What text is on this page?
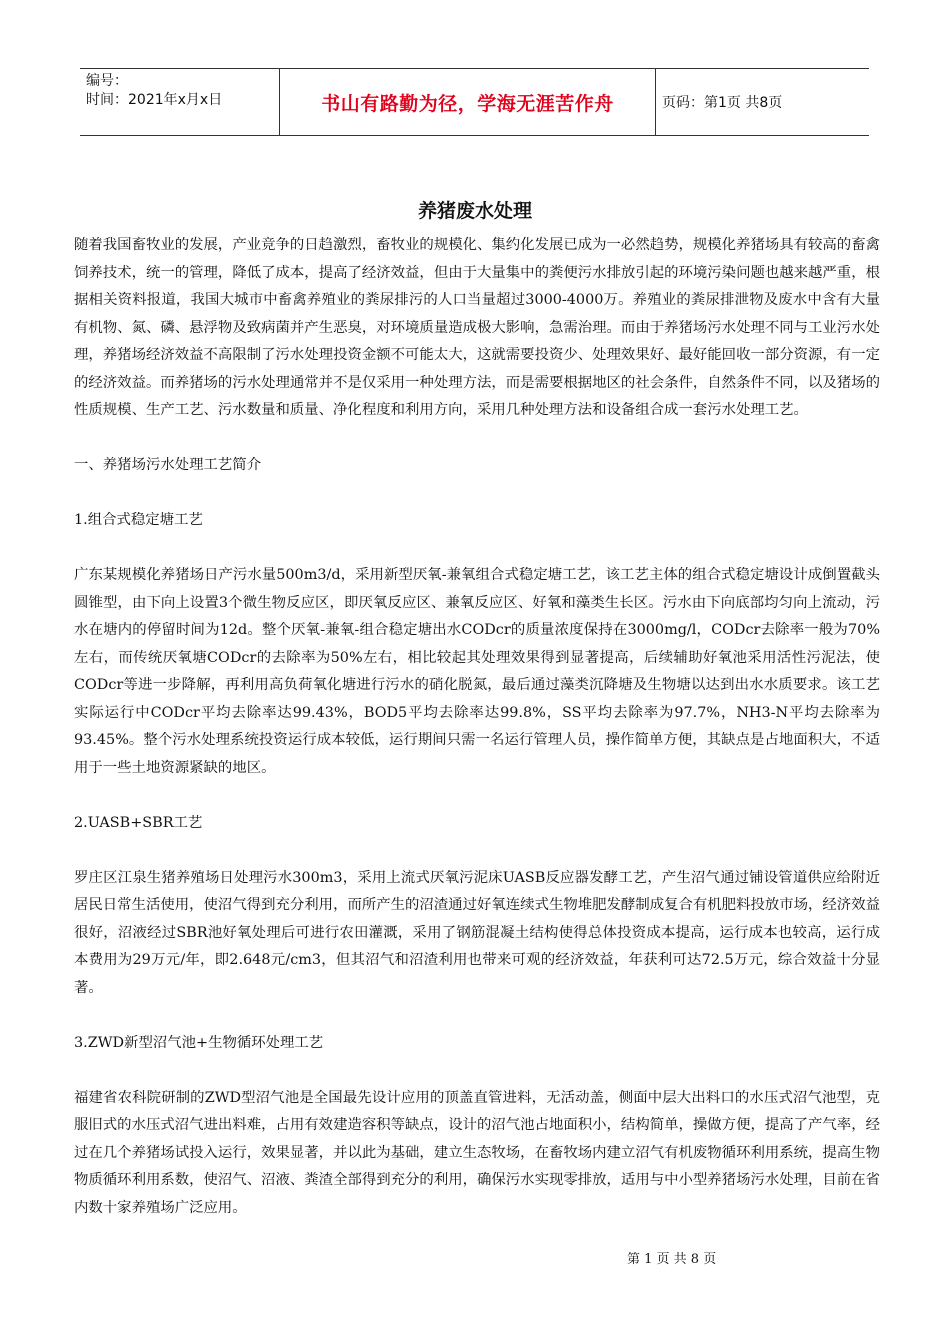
编号：
时间：2021年x月x日	书山有路勤为径，学海无涯苦作舟	页码：第1页 共8页
养猪废水处理

随着我国畜牧业的发展，产业竞争的日趋激烈，畜牧业的规模化、集约化发展已成为一必然趋势，规模化养猪场具有较高的畜禽饲养技术，统一的管理，降低了成本，提高了经济效益，但由于大量集中的粪便污水排放引起的环境污染问题也越来越严重，根据相关资料报道，我国大城市中畜禽养殖业的粪尿排污的人口当量超过3000-4000万。养殖业的粪尿排泄物及废水中含有大量有机物、氮、磷、悬浮物及致病菌并产生恶臭，对环境质量造成极大影响，急需治理。而由于养猪场污水处理不同与工业污水处理，养猪场经济效益不高限制了污水处理投资金额不可能太大，这就需要投资少、处理效果好、最好能回收一部分资源，有一定的经济效益。而养猪场的污水处理通常并不是仅采用一种处理方法，而是需要根据地区的社会条件，自然条件不同，以及猪场的性质规模、生产工艺、污水数量和质量、净化程度和利用方向，采用几种处理方法和设备组合成一套污水处理工艺。

一、养猪场污水处理工艺简介

1.组合式稳定塘工艺

广东某规模化养猪场日产污水量500m3/d，采用新型厌氧-兼氧组合式稳定塘工艺，该工艺主体的组合式稳定塘设计成倒置截头圆锥型，由下向上设置3个微生物反应区，即厌氧反应区、兼氧反应区、好氧和藻类生长区。污水由下向底部均匀向上流动，污水在塘内的停留时间为12d。整个厌氧-兼氧-组合稳定塘出水CODcr的质量浓度保持在3000mg/l，CODcr去除率一般为70%左右，而传统厌氧塘CODcr的去除率为50%左右，相比较起其处理效果得到显著提高，后续辅助好氧池采用活性污泥法，使CODcr等进一步降解，再利用高负荷氧化塘进行污水的硝化脱氮，最后通过藻类沉降塘及生物塘以达到出水水质要求。该工艺实际运行中CODcr平均去除率达99.43%，BOD5平均去除率达99.8%，SS平均去除率为97.7%，NH3-N平均去除率为93.45%。整个污水处理系统投资运行成本较低，运行期间只需一名运行管理人员，操作简单方便，其缺点是占地面积大，不适用于一些土地资源紧缺的地区。

2.UASB+SBR工艺

罗庄区江泉生猪养殖场日处理污水300m3，采用上流式厌氧污泥床UASB反应器发酵工艺，产生沼气通过铺设管道供应给附近居民日常生活使用，使沼气得到充分利用，而所产生的沼渣通过好氧连续式生物堆肥发酵制成复合有机肥料投放市场，经济效益很好，沼液经过SBR池好氧处理后可进行农田灌溉，采用了钢筋混凝土结构使得总体投资成本提高，运行成本也较高，运行成本费用为29万元/年，即2.648元/cm3，但其沼气和沼渣利用也带来可观的经济效益，年获利可达72.5万元，综合效益十分显著。

3.ZWD新型沼气池+生物循环处理工艺

福建省农科院研制的ZWD型沼气池是全国最先设计应用的顶盖直管进料，无活动盖，侧面中层大出料口的水压式沼气池型，克服旧式的水压式沼气进出料难，占用有效建造容积等缺点，设计的沼气池占地面积小，结构简单，操做方便，提高了产气率，经过在几个养猪场试投入运行，效果显著，并以此为基础，建立生态牧场，在畜牧场内建立沼气有机废物循环利用系统，提高生物物质循环利用系数，使沼气、沼液、粪渣全部得到充分的利用，确保污水实现零排放，适用与中小型养猪场污水处理，目前在省内数十家养殖场广泛应用。

第 1 页 共 8 页
